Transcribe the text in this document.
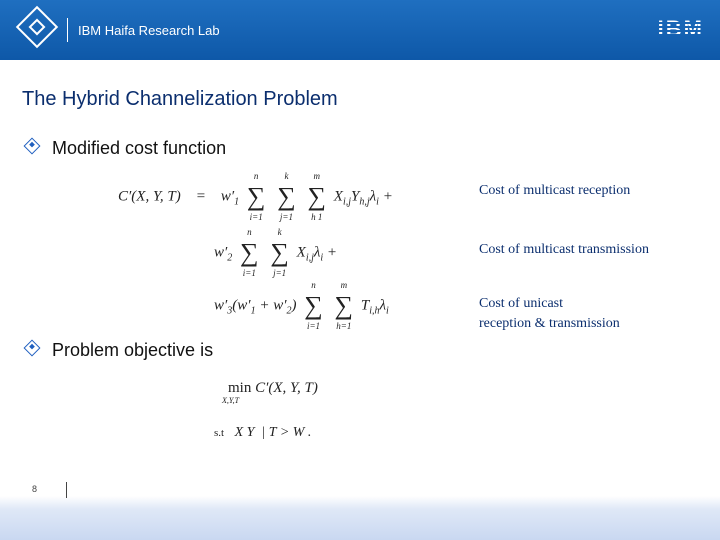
IBM Haifa Research Lab	IBM
The Hybrid Channelization Problem
Modified cost function
C′(X, Y, T)    =    $w'_1$
n
∑
i=1

k
∑
j=1

m
∑
h 1
$X_{i,j}Y_{h,j}\lambda_i$ +	Cost of multicast reception
$w'_2$
n
∑
i=1

k
∑
j=1
$X_{i,j}\lambda_i$ +	Cost of multicast transmission
$w'_3(w'_1 + w'_2)$
n
∑
i=1

m
∑
h=1
$T_{i,h}\lambda_i$	Cost of unicast
reception & transmission
Problem objective is
min C′(X, Y, T)
X,Y,T
s.t   X Y  | T > W .
8
